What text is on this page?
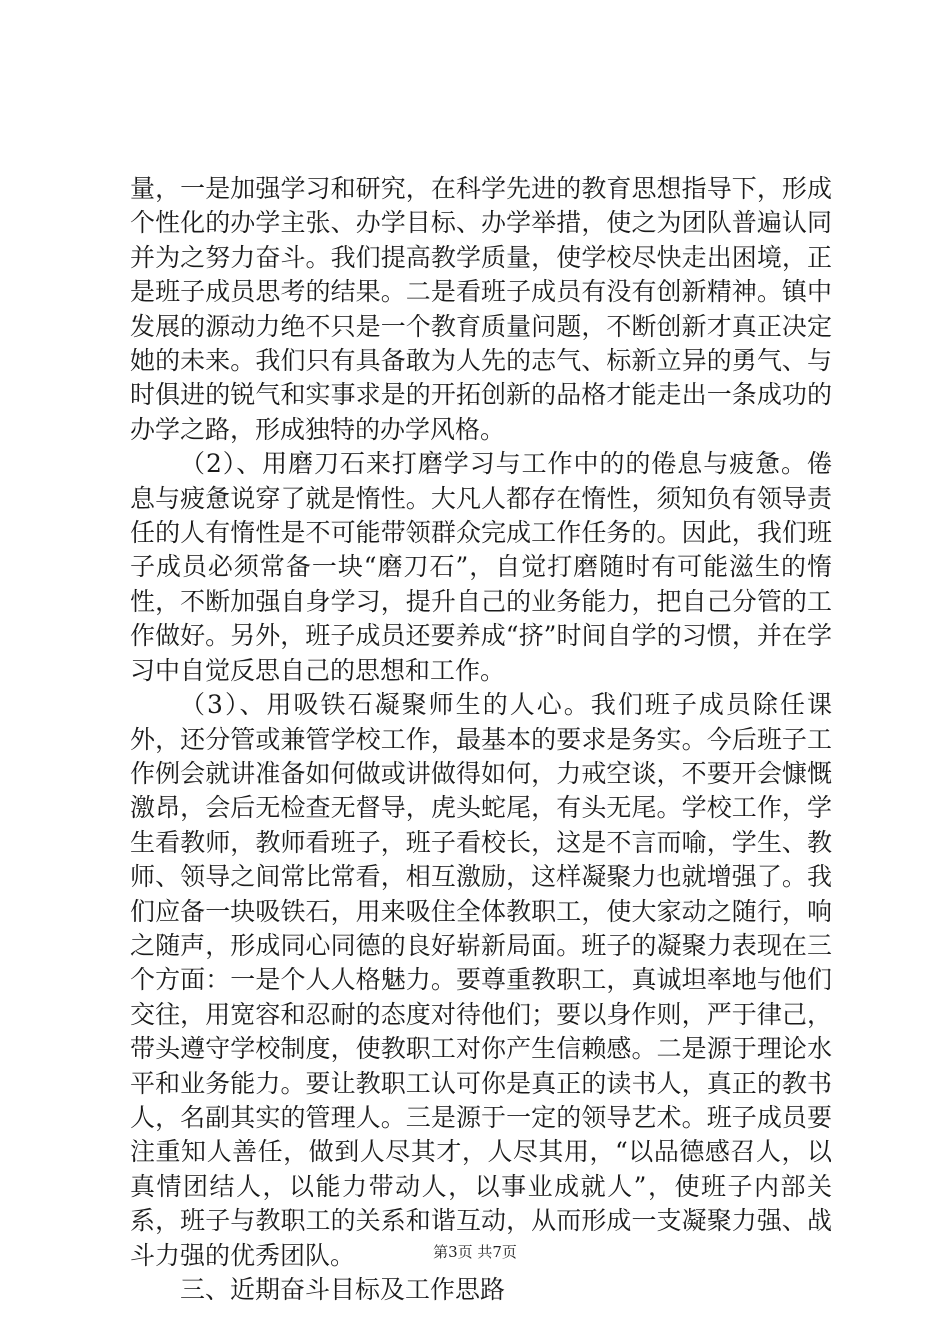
量，一是加强学习和研究，在科学先进的教育思想指导下，形成个性化的办学主张、办学目标、办学举措，使之为团队普遍认同并为之努力奋斗。我们提高教学质量，使学校尽快走出困境，正是班子成员思考的结果。二是看班子成员有没有创新精神。镇中发展的源动力绝不只是一个教育质量问题，不断创新才真正决定她的未来。我们只有具备敢为人先的志气、标新立异的勇气、与时俱进的锐气和实事求是的开拓创新的品格才能走出一条成功的办学之路，形成独特的办学风格。

（2）、用磨刀石来打磨学习与工作中的的倦息与疲惫。倦息与疲惫说穿了就是惰性。大凡人都存在惰性，须知负有领导责任的人有惰性是不可能带领群众完成工作任务的。因此，我们班子成员必须常备一块“磨刀石”，自觉打磨随时有可能滋生的惰性，不断加强自身学习，提升自己的业务能力，把自己分管的工作做好。另外，班子成员还要养成“挤”时间自学的习惯，并在学习中自觉反思自己的思想和工作。

（3）、用吸铁石凝聚师生的人心。我们班子成员除任课外，还分管或兼管学校工作，最基本的要求是务实。今后班子工作例会就讲准备如何做或讲做得如何，力戒空谈，不要开会慷慨激昂，会后无检查无督导，虎头蛇尾，有头无尾。学校工作，学生看教师，教师看班子，班子看校长，这是不言而喻，学生、教师、领导之间常比常看，相互激励，这样凝聚力也就增强了。我们应备一块吸铁石，用来吸住全体教职工，使大家动之随行，响之随声，形成同心同德的良好崭新局面。班子的凝聚力表现在三个方面：一是个人人格魅力。要尊重教职工，真诚坦率地与他们交往，用宽容和忍耐的态度对待他们；要以身作则，严于律己，带头遵守学校制度，使教职工对你产生信赖感。二是源于理论水平和业务能力。要让教职工认可你是真正的读书人，真正的教书人，名副其实的管理人。三是源于一定的领导艺术。班子成员要注重知人善任，做到人尽其才，人尽其用，“以品德感召人，以真情团结人，以能力带动人，以事业成就人”，使班子内部关系，班子与教职工的关系和谐互动，从而形成一支凝聚力强、战斗力强的优秀团队。

三、近期奋斗目标及工作思路

第3页 共7页
